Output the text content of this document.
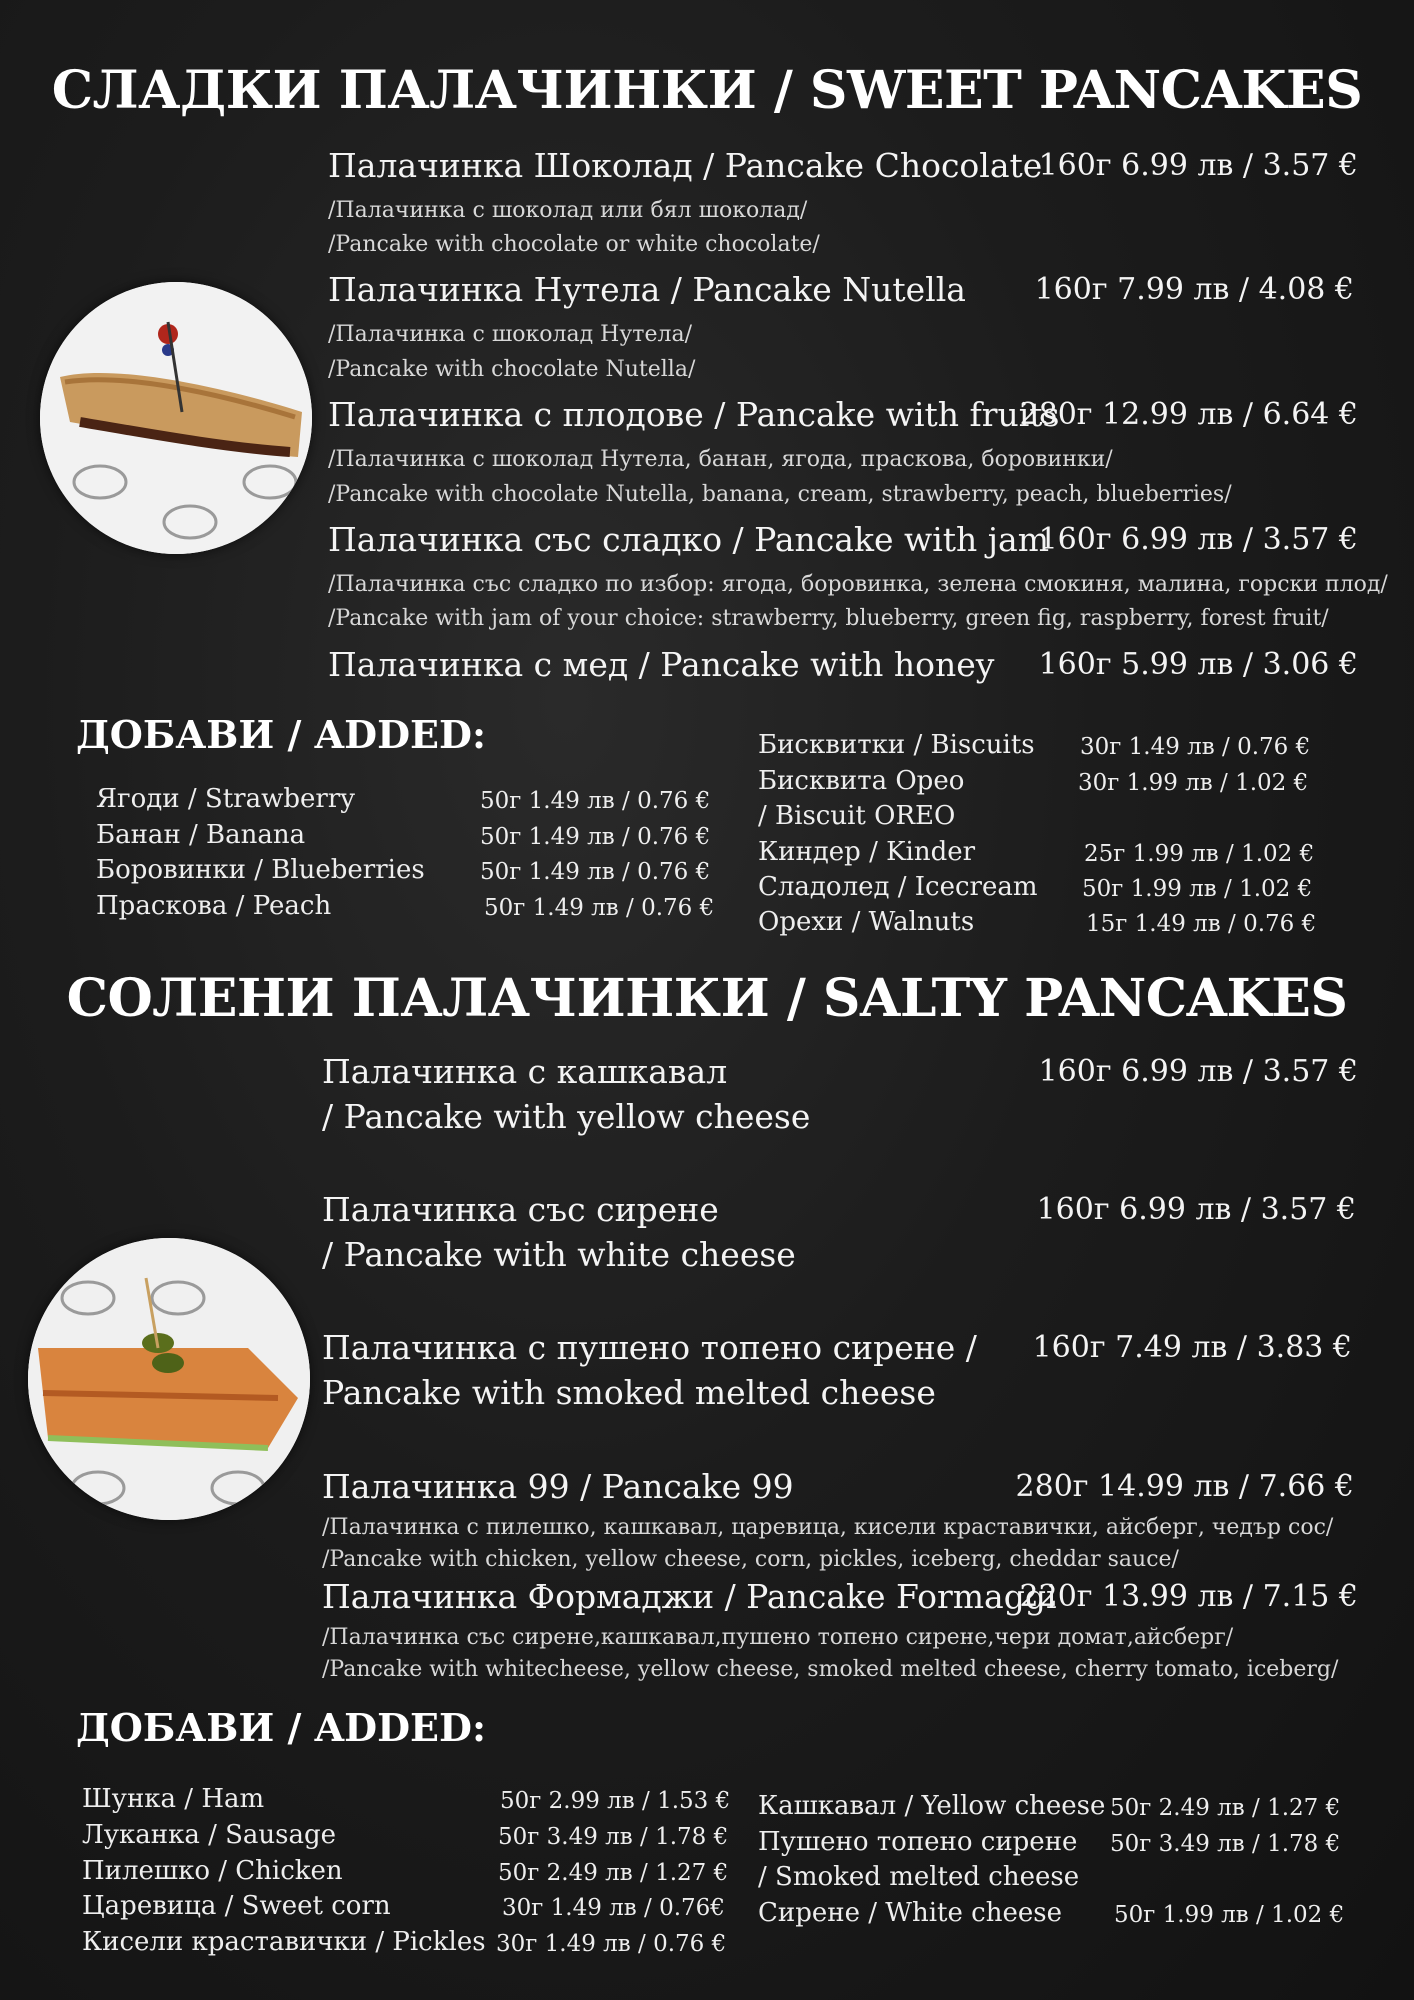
СЛАДКИ ПАЛАЧИНКИ / SWEET PANCAKES
Палачинка Шоколад / Pancake Chocolate
160г 6.99 лв / 3.57 €
/Палачинка с шоколад или бял шоколад/
/Pancake with chocolate or white chocolate/
Палачинка Нутела / Pancake Nutella 160г 7.99 лв / 4.08 €
/Палачинка с шоколад Нутела/
/Pancake with chocolate Nutella/
Палачинка с плодове / Pancake with fruits
280г 12.99 лв / 6.64 €
/Палачинка с шоколад Нутела, банан, ягода, праскова, боровинки/
/Pancake with chocolate Nutella, banana, cream, strawberry, peach, blueberries/
Палачинка със сладко / Pancake with jam
160г 6.99 лв / 3.57 €
/Палачинка със сладко по избор: ягода, боровинка, зелена смокиня, малина, горски плод/
/Pancake with jam of your choice: strawberry, blueberry, green fig, raspberry, forest fruit/
Палачинка с мед / Pancake with honey 160г 5.99 лв / 3.06 €
ДОБАВИ / ADDED:
Ягоди / Strawberry	50г 1.49 лв / 0.76 €
Банан / Banana	50г 1.49 лв / 0.76 €
Боровинки / Blueberries 50г 1.49 лв / 0.76 €
Праскова / Peach	50г 1.49 лв / 0.76 €
Бисквитки / Biscuits 30г 1.49 лв / 0.76 €
Бисквита Орео	30г 1.99 лв / 1.02 €
/ Biscuit OREO
Киндер / Kinder	25г 1.99 лв / 1.02 €
Сладолед / Icecream 50г 1.99 лв / 1.02 €
Орехи / Walnuts	15г 1.49 лв / 0.76 €
СОЛЕНИ ПАЛАЧИНКИ / SALTY PANCAKES
Палачинка с кашкавал
/ Pancake with yellow cheese
160г 6.99 лв / 3.57 €
Палачинка със сирене
/ Pancake with white cheese
160г 6.99 лв / 3.57 €
Палачинка с пушено топено сирене /
Pancake with smoked melted cheese
160г 7.49 лв / 3.83 €
Палачинка 99 / Pancake 99	280г 14.99 лв / 7.66 €
/Палачинка с пилешко, кашкавал, царевица, кисели краставички, айсберг, чедър сос/
/Pancake with chicken, yellow cheese, corn, pickles, iceberg, cheddar sauce/
Палачинка Формаджи / Pancake Formaggi
220г 13.99 лв / 7.15 €
/Палачинка със сирене,кашкавал,пушено топено сирене,чери домат,айсберг/
/Pancake with whitecheese, yellow cheese, smoked melted cheese, cherry tomato, iceberg/
ДОБАВИ / ADDED:
Шунка / Ham	50г 2.99 лв / 1.53 €
Луканка / Sausage	50г 3.49 лв / 1.78 €
Пилешко / Chicken	50г 2.49 лв / 1.27 €
Царевица / Sweet corn	30г 1.49 лв / 0.76€
Кисели краставички / Pickles 30г 1.49 лв / 0.76 €
Кашкавал / Yellow cheese 50г 2.49 лв / 1.27 €
Пушено топено сирене 50г 3.49 лв / 1.78 €
/ Smoked melted cheese
Сирене / White cheese 50г 1.99 лв / 1.02 €
